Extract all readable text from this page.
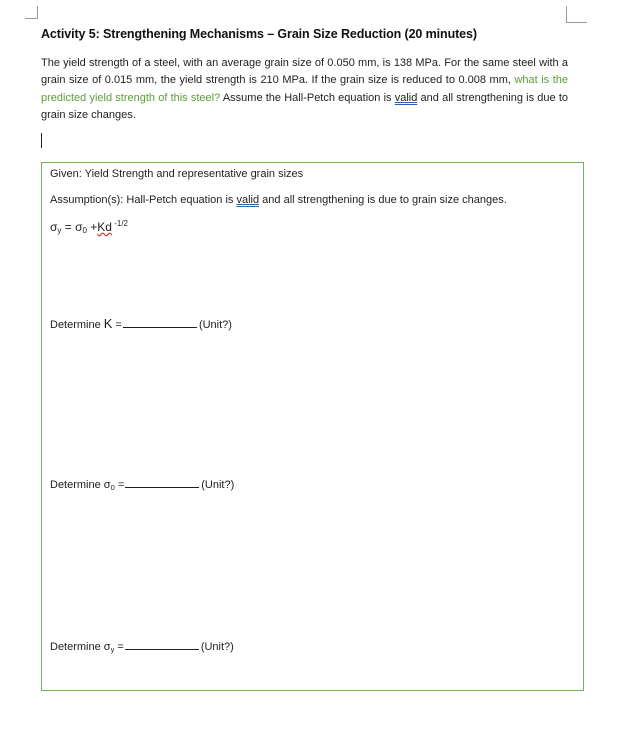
Activity 5: Strengthening Mechanisms – Grain Size Reduction (20 minutes)
The yield strength of a steel, with an average grain size of 0.050 mm, is 138 MPa. For the same steel with a grain size of 0.015 mm, the yield strength is 210 MPa. If the grain size is reduced to 0.008 mm, what is the predicted yield strength of this steel? Assume the Hall-Petch equation is valid and all strengthening is due to grain size changes.
Given: Yield Strength and representative grain sizes
Assumption(s): Hall-Petch equation is valid and all strengthening is due to grain size changes.
$\sigma_y = \sigma_0 +Kd$ $^{-1/2}$
Determine K =	(Unit?)
Determine $\sigma_0$ =	(Unit?)
Determine $\sigma_y$ =	(Unit?)
